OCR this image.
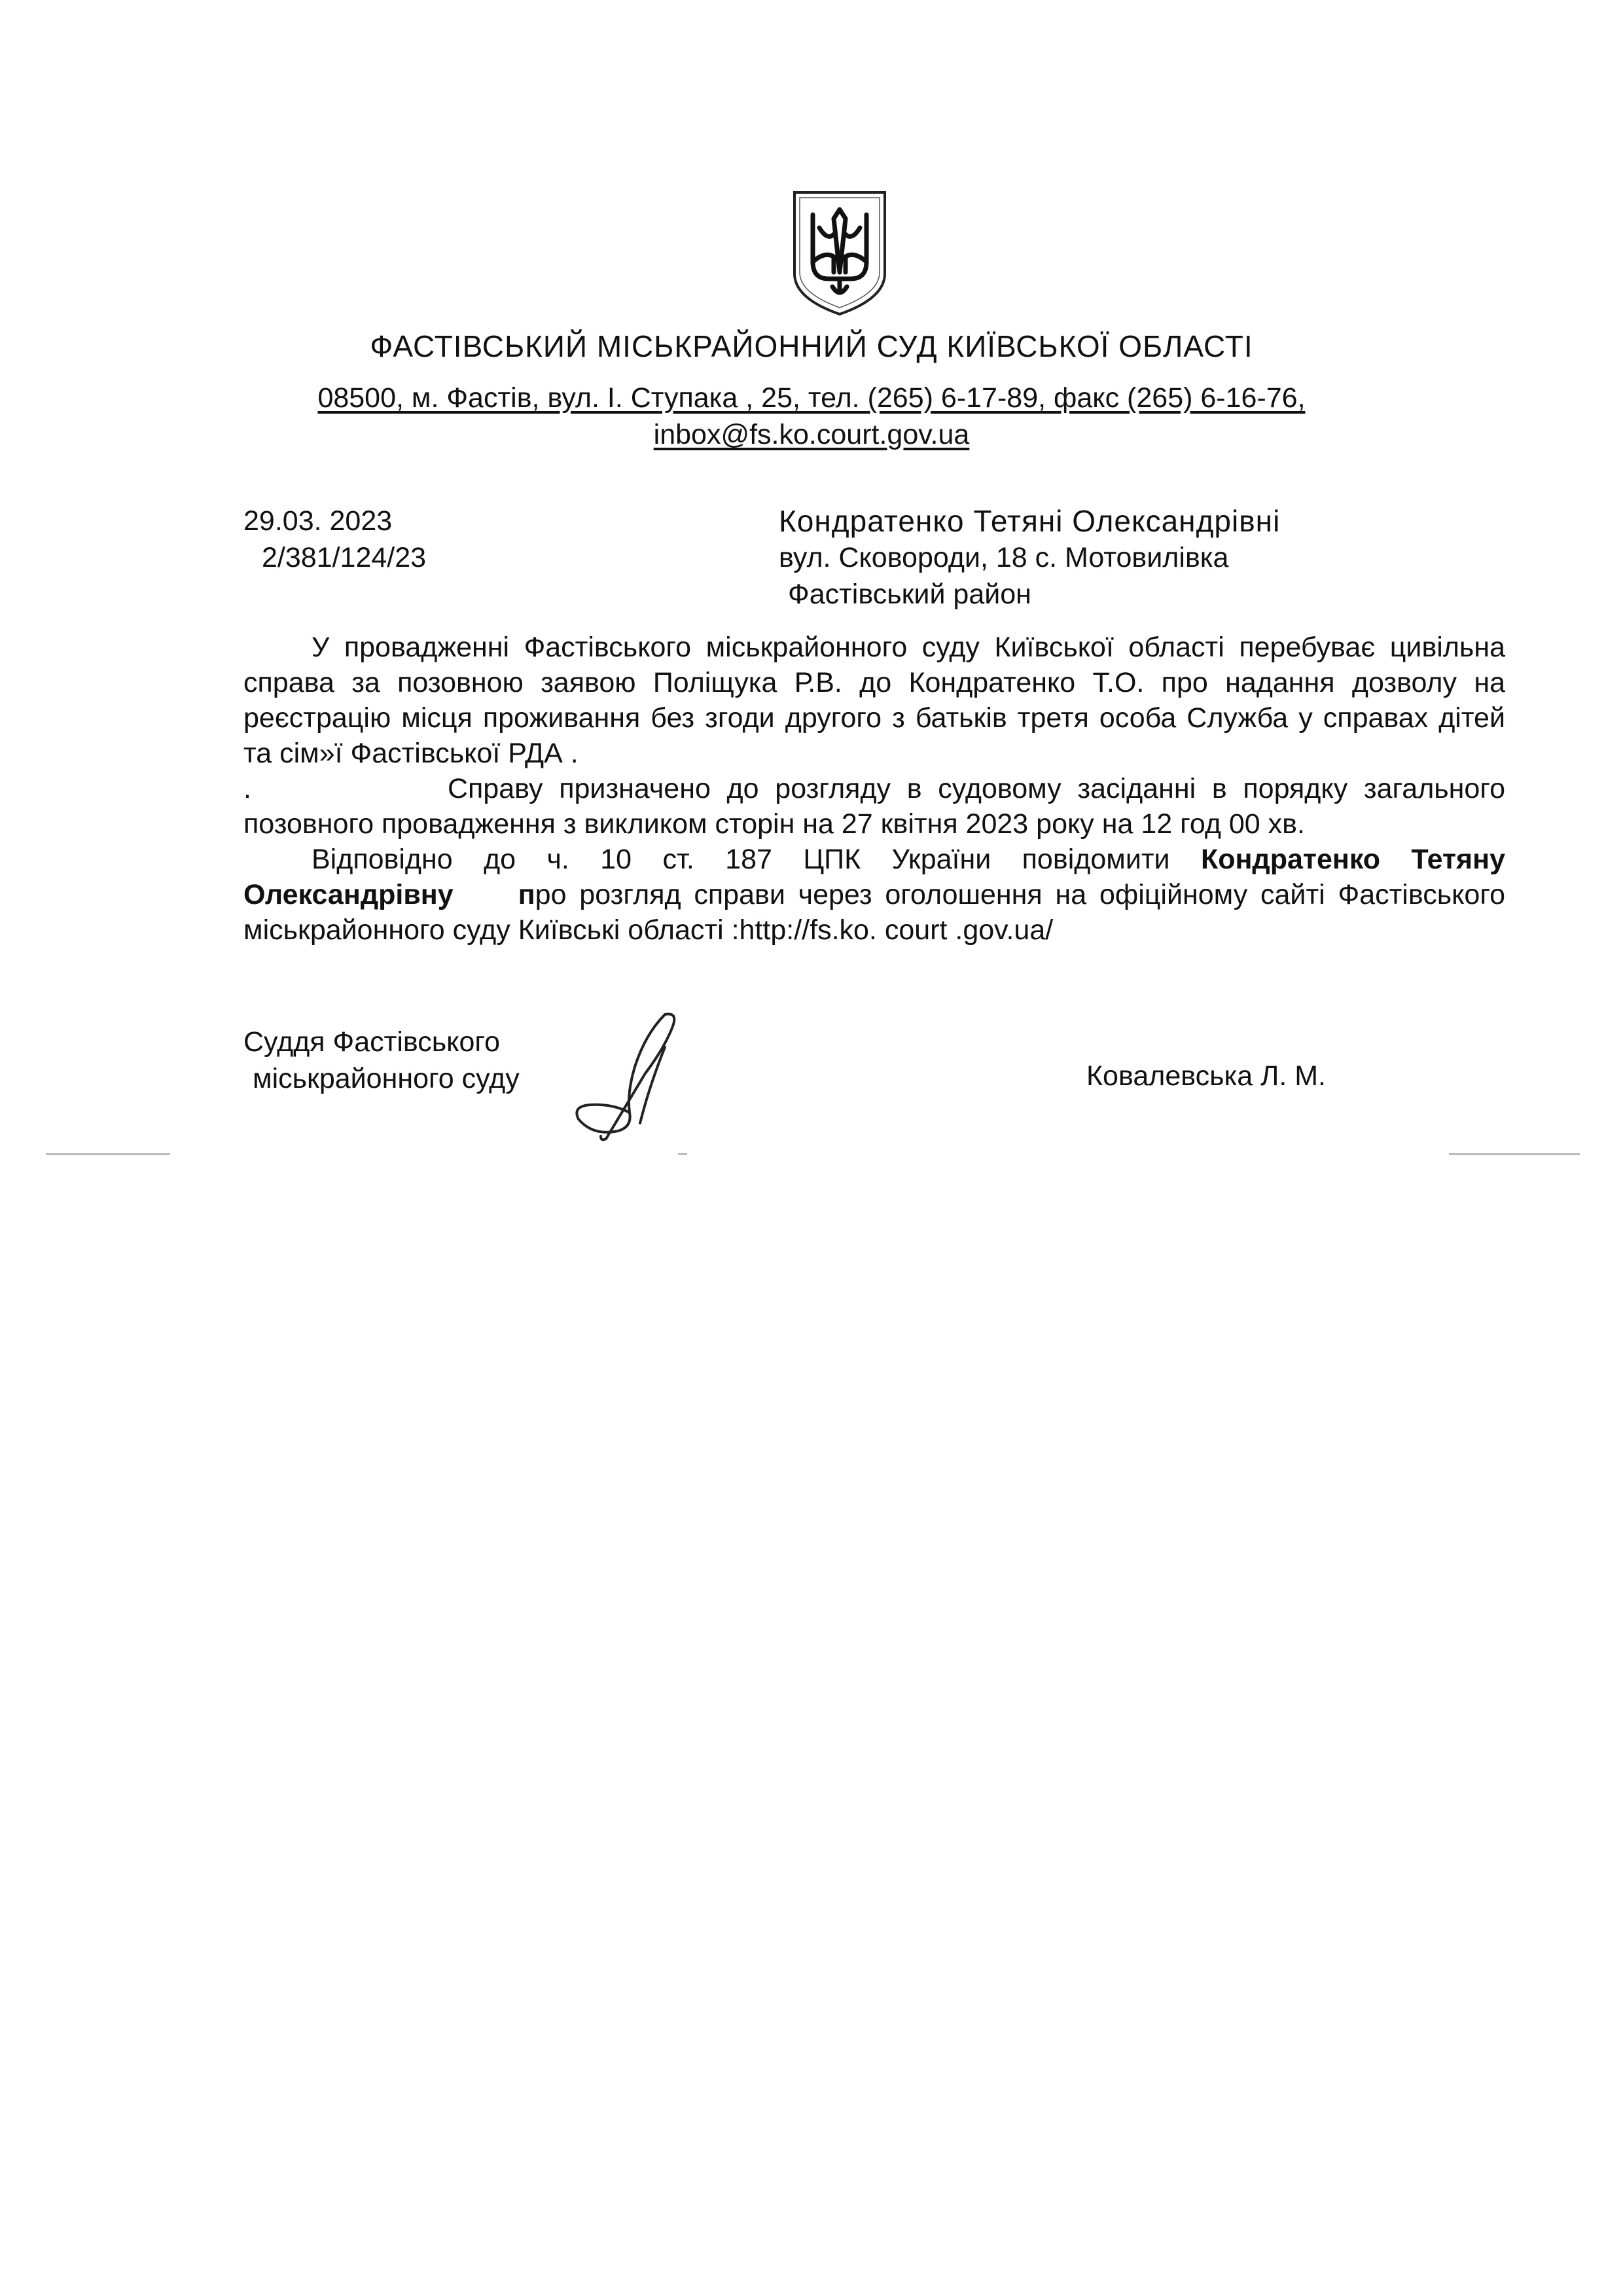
ФАСТІВСЬКИЙ МІСЬКРАЙОННИЙ СУД КИЇВСЬКОЇ ОБЛАСТІ
08500, м. Фастів, вул. І. Ступака , 25, тел. (265) 6-17-89, факс (265) 6-16-76,
inbox@fs.ko.court.gov.ua
29.03. 2023
2/381/124/23
Кондратенко Тетяні Олександрівні
вул. Сковороди, 18 с. Мотовилівка
Фастівський район

У провадженні Фастівського міськрайонного суду Київської області перебуває цивільна справа за позовною заявою Поліщука Р.В. до Кондратенко Т.О. про надання дозволу на реєстрацію місця проживання без згоди другого з батьків третя особа Служба у справах дітей та сім»ї Фастівської РДА .

.	Справу призначено до розгляду в судовому засіданні в порядку загального позовного провадження з викликом сторін на 27 квітня 2023 року на 12 год 00 хв.

Відповідно до ч. 10 ст. 187 ЦПК України повідомити Кондратенко Тетяну Олександрівну про розгляд справи через оголошення на офіційному сайті Фастівського міськрайонного суду Київські області :http://fs.ko. court .gov.ua/

Суддя Фастівського
міськрайонного суду	Ковалевська Л. М.
